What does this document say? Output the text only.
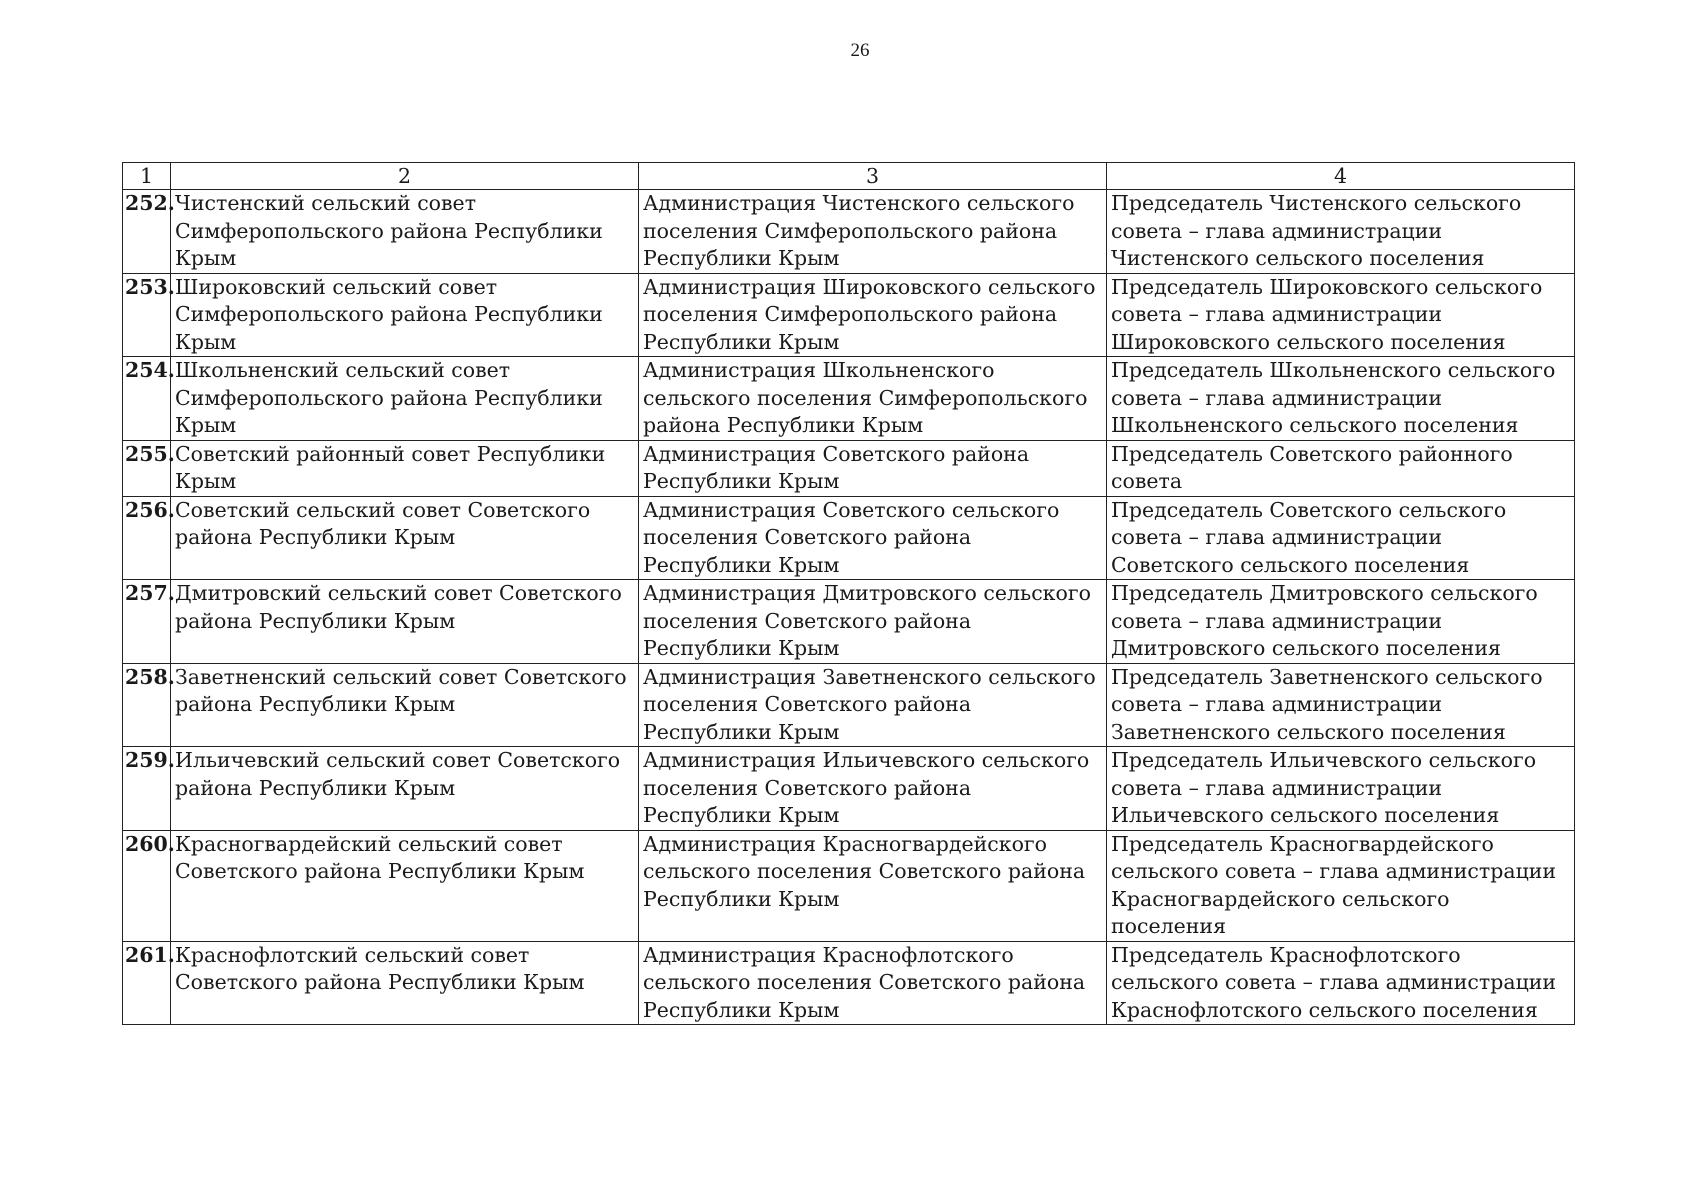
26
1	2	3	4
252.	Чистенский сельский совет Симферопольского района Республики Крым	Администрация Чистенского сельского поселения Симферопольского района Республики Крым	Председатель Чистенского сельского совета – глава администрации Чистенского сельского поселения
253.	Широковский сельский совет Симферопольского района Республики Крым	Администрация Широковского сельского поселения Симферопольского района Республики Крым	Председатель Широковского сельского совета – глава администрации Широковского сельского поселения
254.	Школьненский сельский совет Симферопольского района Республики Крым	Администрация Школьненского сельского поселения Симферопольского района Республики Крым	Председатель Школьненского сельского совета – глава администрации Школьненского сельского поселения
255.	Советский районный совет Республики Крым	Администрация Советского района Республики Крым	Председатель Советского районного совета
256.	Советский сельский совет Советского района Республики Крым	Администрация Советского сельского поселения Советского района Республики Крым	Председатель Советского сельского совета – глава администрации Советского сельского поселения
257.	Дмитровский сельский совет Советского района Республики Крым	Администрация Дмитровского сельского поселения Советского района Республики Крым	Председатель Дмитровского сельского совета – глава администрации Дмитровского сельского поселения
258.	Заветненский сельский совет Советского района Республики Крым	Администрация Заветненского сельского поселения Советского района Республики Крым	Председатель Заветненского сельского совета – глава администрации Заветненского сельского поселения
259.	Ильичевский сельский совет Советского района Республики Крым	Администрация Ильичевского сельского поселения Советского района Республики Крым	Председатель Ильичевского сельского совета – глава администрации Ильичевского сельского поселения
260.	Красногвардейский сельский совет Советского района Республики Крым	Администрация Красногвардейского сельского поселения Советского района Республики Крым	Председатель Красногвардейского сельского совета – глава администрации Красногвардейского сельского поселения
261.	Краснофлотский сельский совет Советского района Республики Крым	Администрация Краснофлотского сельского поселения Советского района Республики Крым	Председатель Краснофлотского сельского совета – глава администрации Краснофлотского сельского поселения
